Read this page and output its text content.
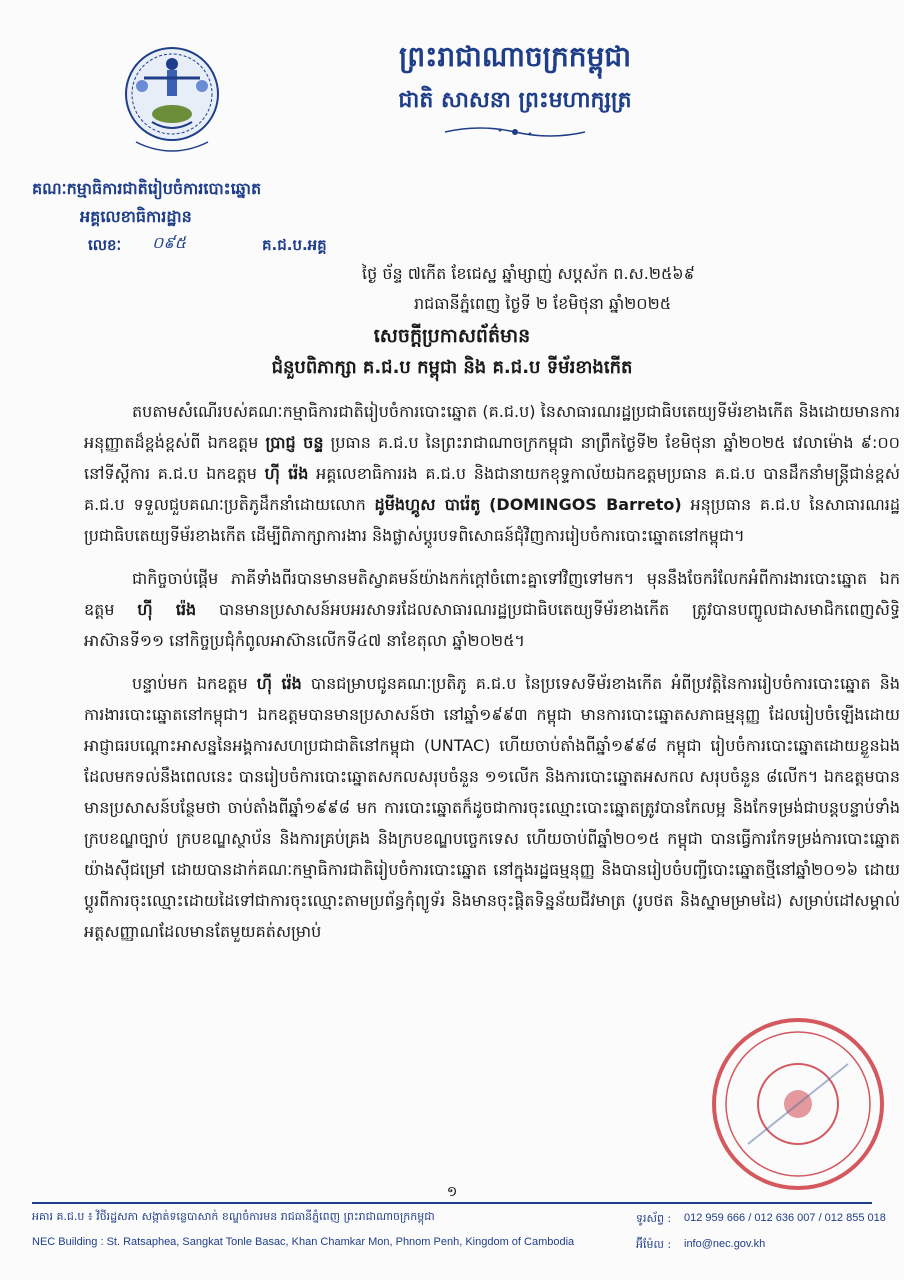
ព្រះរាជាណាចក្រកម្ពុជា
ជាតិ សាសនា ព្រះមហាក្សត្រ
គណៈកម្មាធិការជាតិរៀបចំការបោះឆ្នោត
អគ្គលេខាធិការដ្ឋាន
លេខៈ ០៩៥	គ.ជ.ប.អគ្គ
ថ្ងៃ ច័ន្ទ ៧កើត ខែជេស្ឋ ឆ្នាំម្សាញ់ សប្តស័ក ព.ស.២៥៦៩
រាជធានីភ្នំពេញ ថ្ងៃទី ២ ខែមិថុនា ឆ្នាំ២០២៥
សេចក្តីប្រកាសព័ត៌មាន
ជំនួបពិភាក្សា គ.ជ.ប កម្ពុជា និង គ.ជ.ប ទីម័រខាងកើត

តបតាមសំណើរបស់គណៈកម្មាធិការជាតិរៀបចំការបោះឆ្នោត (គ.ជ.ប) នៃសាធារណរដ្ឋប្រជាធិបតេយ្យទីម័រខាងកើត និងដោយមានការអនុញ្ញាតដ៏ខ្ពង់ខ្ពស់ពី ឯកឧត្តម ប្រាជ្ញ ចន្ទ ប្រធាន គ.ជ.ប នៃព្រះរាជាណាចក្រកម្ពុជា នាព្រឹកថ្ងៃទី២ ខែមិថុនា ឆ្នាំ២០២៥ វេលាម៉ោង ៩:០០ នៅទីស្តីការ គ.ជ.ប ឯកឧត្តម ហ៊ី រ៉េង អគ្គលេខាធិការរង គ.ជ.ប និងជានាយកខុទ្ទកាល័យឯកឧត្តមប្រធាន គ.ជ.ប បានដឹកនាំមន្ត្រីជាន់ខ្ពស់ គ.ជ.ប ទទួលជួបគណៈប្រតិភូដឹកនាំដោយលោក ដូមីងហ្គូស បារ៉េតូ (DOMINGOS Barreto) អនុប្រធាន គ.ជ.ប នៃសាធារណរដ្ឋប្រជាធិបតេយ្យទីម័រខាងកើត ដើម្បីពិភាក្សាការងារ និងផ្លាស់ប្តូរបទពិសោធន៍ជុំវិញការរៀបចំការបោះឆ្នោតនៅកម្ពុជា។

ជាកិច្ចចាប់ផ្តើម ភាគីទាំងពីរបានមានមតិស្វាគមន៍យ៉ាងកក់ក្តៅចំពោះគ្នាទៅវិញទៅមក។ មុននឹងចែករំលែកអំពីការងារបោះឆ្នោត ឯកឧត្តម ហ៊ី រ៉េង បានមានប្រសាសន៍អបអរសាទរដែលសាធារណរដ្ឋប្រជាធិបតេយ្យទីម័រខាងកើត ត្រូវបានបញ្ចូលជាសមាជិកពេញសិទ្ធិអាស៊ានទី១១ នៅកិច្ចប្រជុំកំពូលអាស៊ានលើកទី៤៧ នាខែតុលា ឆ្នាំ២០២៥។

បន្ទាប់មក ឯកឧត្តម ហ៊ី រ៉េង បានជម្រាបជូនគណៈប្រតិភូ គ.ជ.ប នៃប្រទេសទីម័រខាងកើត អំពីប្រវត្តិនៃការរៀបចំការបោះឆ្នោត និងការងារបោះឆ្នោតនៅកម្ពុជា។ ឯកឧត្តមបានមានប្រសាសន៍ថា នៅឆ្នាំ១៩៩៣ កម្ពុជា មានការបោះឆ្នោតសភាធម្មនុញ្ញ ដែលរៀបចំឡើងដោយអាជ្ញាធរបណ្តោះអាសន្ននៃអង្គការសហប្រជាជាតិនៅកម្ពុជា (UNTAC) ហើយចាប់តាំងពីឆ្នាំ១៩៩៨ កម្ពុជា រៀបចំការបោះឆ្នោតដោយខ្លួនឯង ដែលមកទល់នឹងពេលនេះ បានរៀបចំការបោះឆ្នោតសកលសរុបចំនួន ១១លើក និងការបោះឆ្នោតអសកល សរុបចំនួន ៨លើក។ ឯកឧត្តមបានមានប្រសាសន៍បន្ថែមថា ចាប់តាំងពីឆ្នាំ១៩៩៨ មក ការបោះឆ្នោតក៏ដូចជាការចុះឈ្មោះបោះឆ្នោតត្រូវបានកែលម្អ និងកែទម្រង់ជាបន្តបន្ទាប់ទាំងក្របខណ្ឌច្បាប់ ក្របខណ្ឌស្ថាប័ន និងការគ្រប់គ្រង និងក្របខណ្ឌបច្ចេកទេស ហើយចាប់ពីឆ្នាំ២០១៥ កម្ពុជា បានធ្វើការកែទម្រង់ការបោះឆ្នោតយ៉ាងស៊ីជម្រៅ ដោយបានដាក់គណៈកម្មាធិការជាតិរៀបចំការបោះឆ្នោត នៅក្នុងរដ្ឋធម្មនុញ្ញ និងបានរៀបចំបញ្ជីបោះឆ្នោតថ្មីនៅឆ្នាំ២០១៦ ដោយប្តូរពីការចុះឈ្មោះដោយដៃទៅជាការចុះឈ្មោះតាមប្រព័ន្ធកុំព្យូទ័រ និងមានចុះផ្តិតទិន្នន័យជីវមាត្រ (រូបថត និងស្នាមម្រាមដៃ) សម្រាប់ដៅសម្គាល់អត្តសញ្ញាណដែលមានតែមួយគត់សម្រាប់

១
អគារ គ.ជ.ប ៖ វិថីរដ្ឋសភា សង្កាត់ទន្លេបាសាក់ ខណ្ឌចំការមន រាជធានីភ្នំពេញ ព្រះរាជាណាចក្រកម្ពុជា
NEC Building : St. Ratsaphea, Sangkat Tonle Basac, Khan Chamkar Mon, Phnom Penh, Kingdom of Cambodia
ទូរស័ព្ទ : 012 959 666 / 012 636 007 / 012 855 018
អ៊ីម៉ែល : info@nec.gov.kh
